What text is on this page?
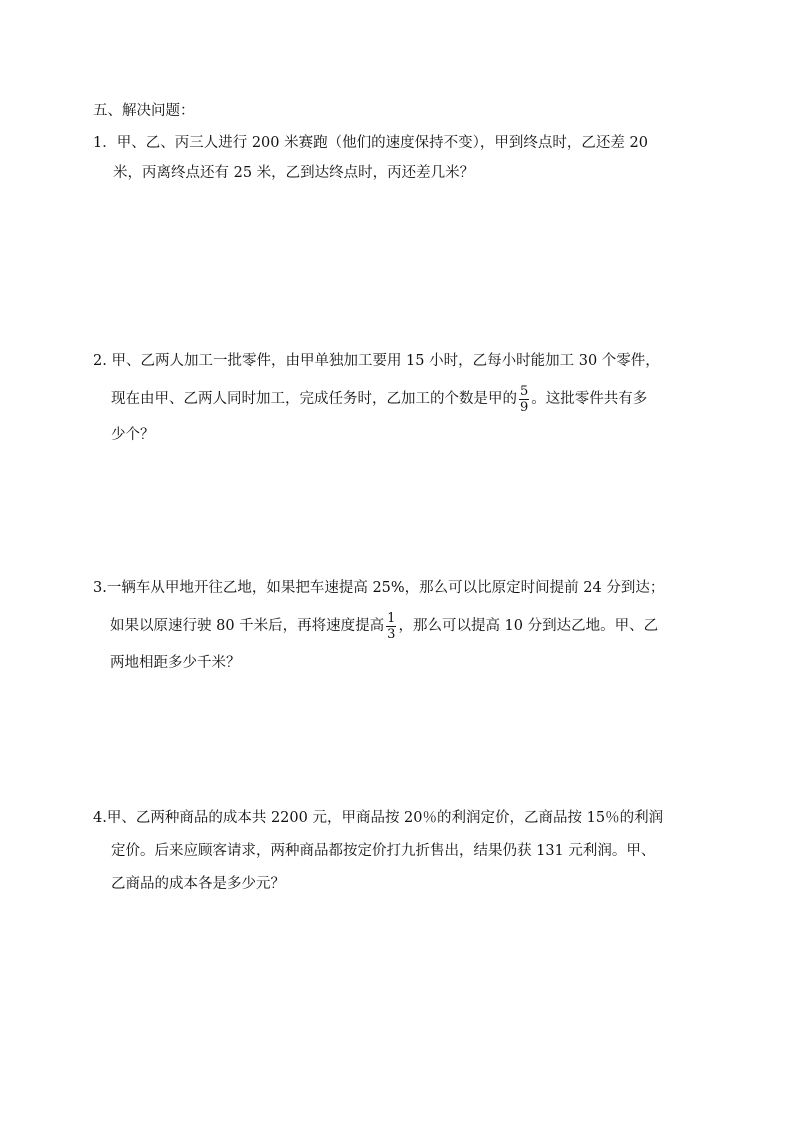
五、解决问题：
1．甲、乙、丙三人进行 200 米赛跑（他们的速度保持不变），甲到终点时，乙还差 20
米，丙离终点还有 25 米，乙到达终点时，丙还差几米？
2. 甲、乙两人加工一批零件，由甲单独加工要用 15 小时，乙每小时能加工 30 个零件，
现在由甲、乙两人同时加工，完成任务时，乙加工的个数是甲的 $\frac{5}{9}$ 。这批零件共有多
少个？
3.一辆车从甲地开往乙地，如果把车速提高 25%，那么可以比原定时间提前 24 分到达；
如果以原速行驶 80 千米后，再将速度提高 $\frac{1}{3}$ ，那么可以提高 10 分到达乙地。甲、乙
两地相距多少千米？
4.甲、乙两种商品的成本共 2200 元，甲商品按 20％的利润定价，乙商品按 15％的利润
定价。后来应顾客请求，两种商品都按定价打九折售出，结果仍获 131 元利润。甲、
乙商品的成本各是多少元？
